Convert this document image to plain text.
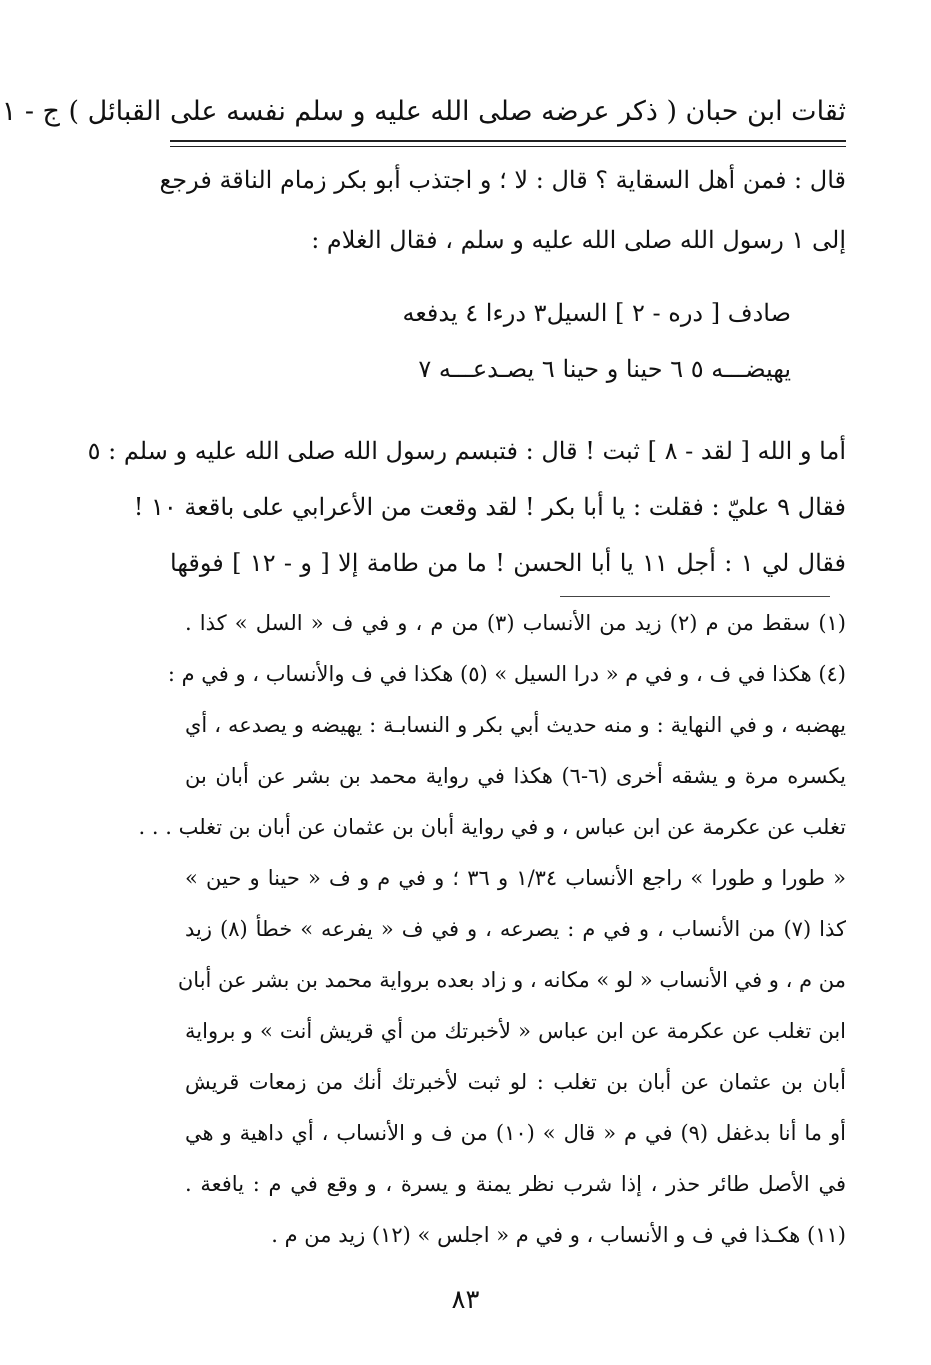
ثقات ابن حبان ( ذكر عرضه صلى الله عليه و سلم نفسه على القبائل ) ج - ١
قال : فمن أهل السقاية ؟ قال : لا ؛ و اجتذب أبو بكر زمام الناقة فرجع
إلى ١ رسول الله صلى الله عليه و سلم ، فقال الغلام :
صادف [ دره - ٢ ] السيل٣ درءا ٤ يدفعه
يهيضـــه ٥ ٦ حينا و حينا ٦ يصـدعـــه ٧
أما و الله [ لقد - ٨ ] ثبت ! قال : فتبسم رسول الله صلى الله عليه و سلم : ٥
فقال ٩ عليّ : فقلت : يا أبا بكر ! لقد وقعت من الأعرابي على باقعة ١٠ !
فقال لي ١ : أجل ١١ يا أبا الحسن ! ما من طامة إلا [ و - ١٢ ] فوقها
(١) سقط من م (٢) زيد من الأنساب (٣) من م ، و في ف « السل » كذا .
(٤) هكذا في ف ، و في م « درا السيل » (٥) هكذا في ف والأنساب ، و في م :
يهضبه ، و في النهاية : و منه حديث أبي بكر و النسابـة : يهيضه و يصدعه ، أي
يكسره مرة و يشقه أخرى (٦-٦) هكذا في رواية محمد بن بشر عن أبان بن
تغلب عن عكرمة عن ابن عباس ، و في رواية أبان بن عثمان عن أبان بن تغلب . . .
« طورا و طورا » راجع الأنساب ١/٣٤ و ٣٦ ؛ و في م و ف « حينا و حين »
كذا (٧) من الأنساب ، و في م : يصرعه ، و في ف « يفرعه » خطأ (٨) زيد
من م ، و في الأنساب « لو » مكانه ، و زاد بعده برواية محمد بن بشر عن أبان
ابن تغلب عن عكرمة عن ابن عباس « لأخبرتك من أي قريش أنت » و برواية
أبان بن عثمان عن أبان بن تغلب : لو ثبت لأخبرتك أنك من زمعات قريش
أو ما أنا بدغفل (٩) في م « قال » (١٠) من ف و الأنساب ، أي داهية و هي
في الأصل طائر حذر ، إذا شرب نظر يمنة و يسرة ، و وقع في م : يافعة .
(١١) هكـذا في ف و الأنساب ، و في م « اجلس » (١٢) زيد من م .
٨٣
